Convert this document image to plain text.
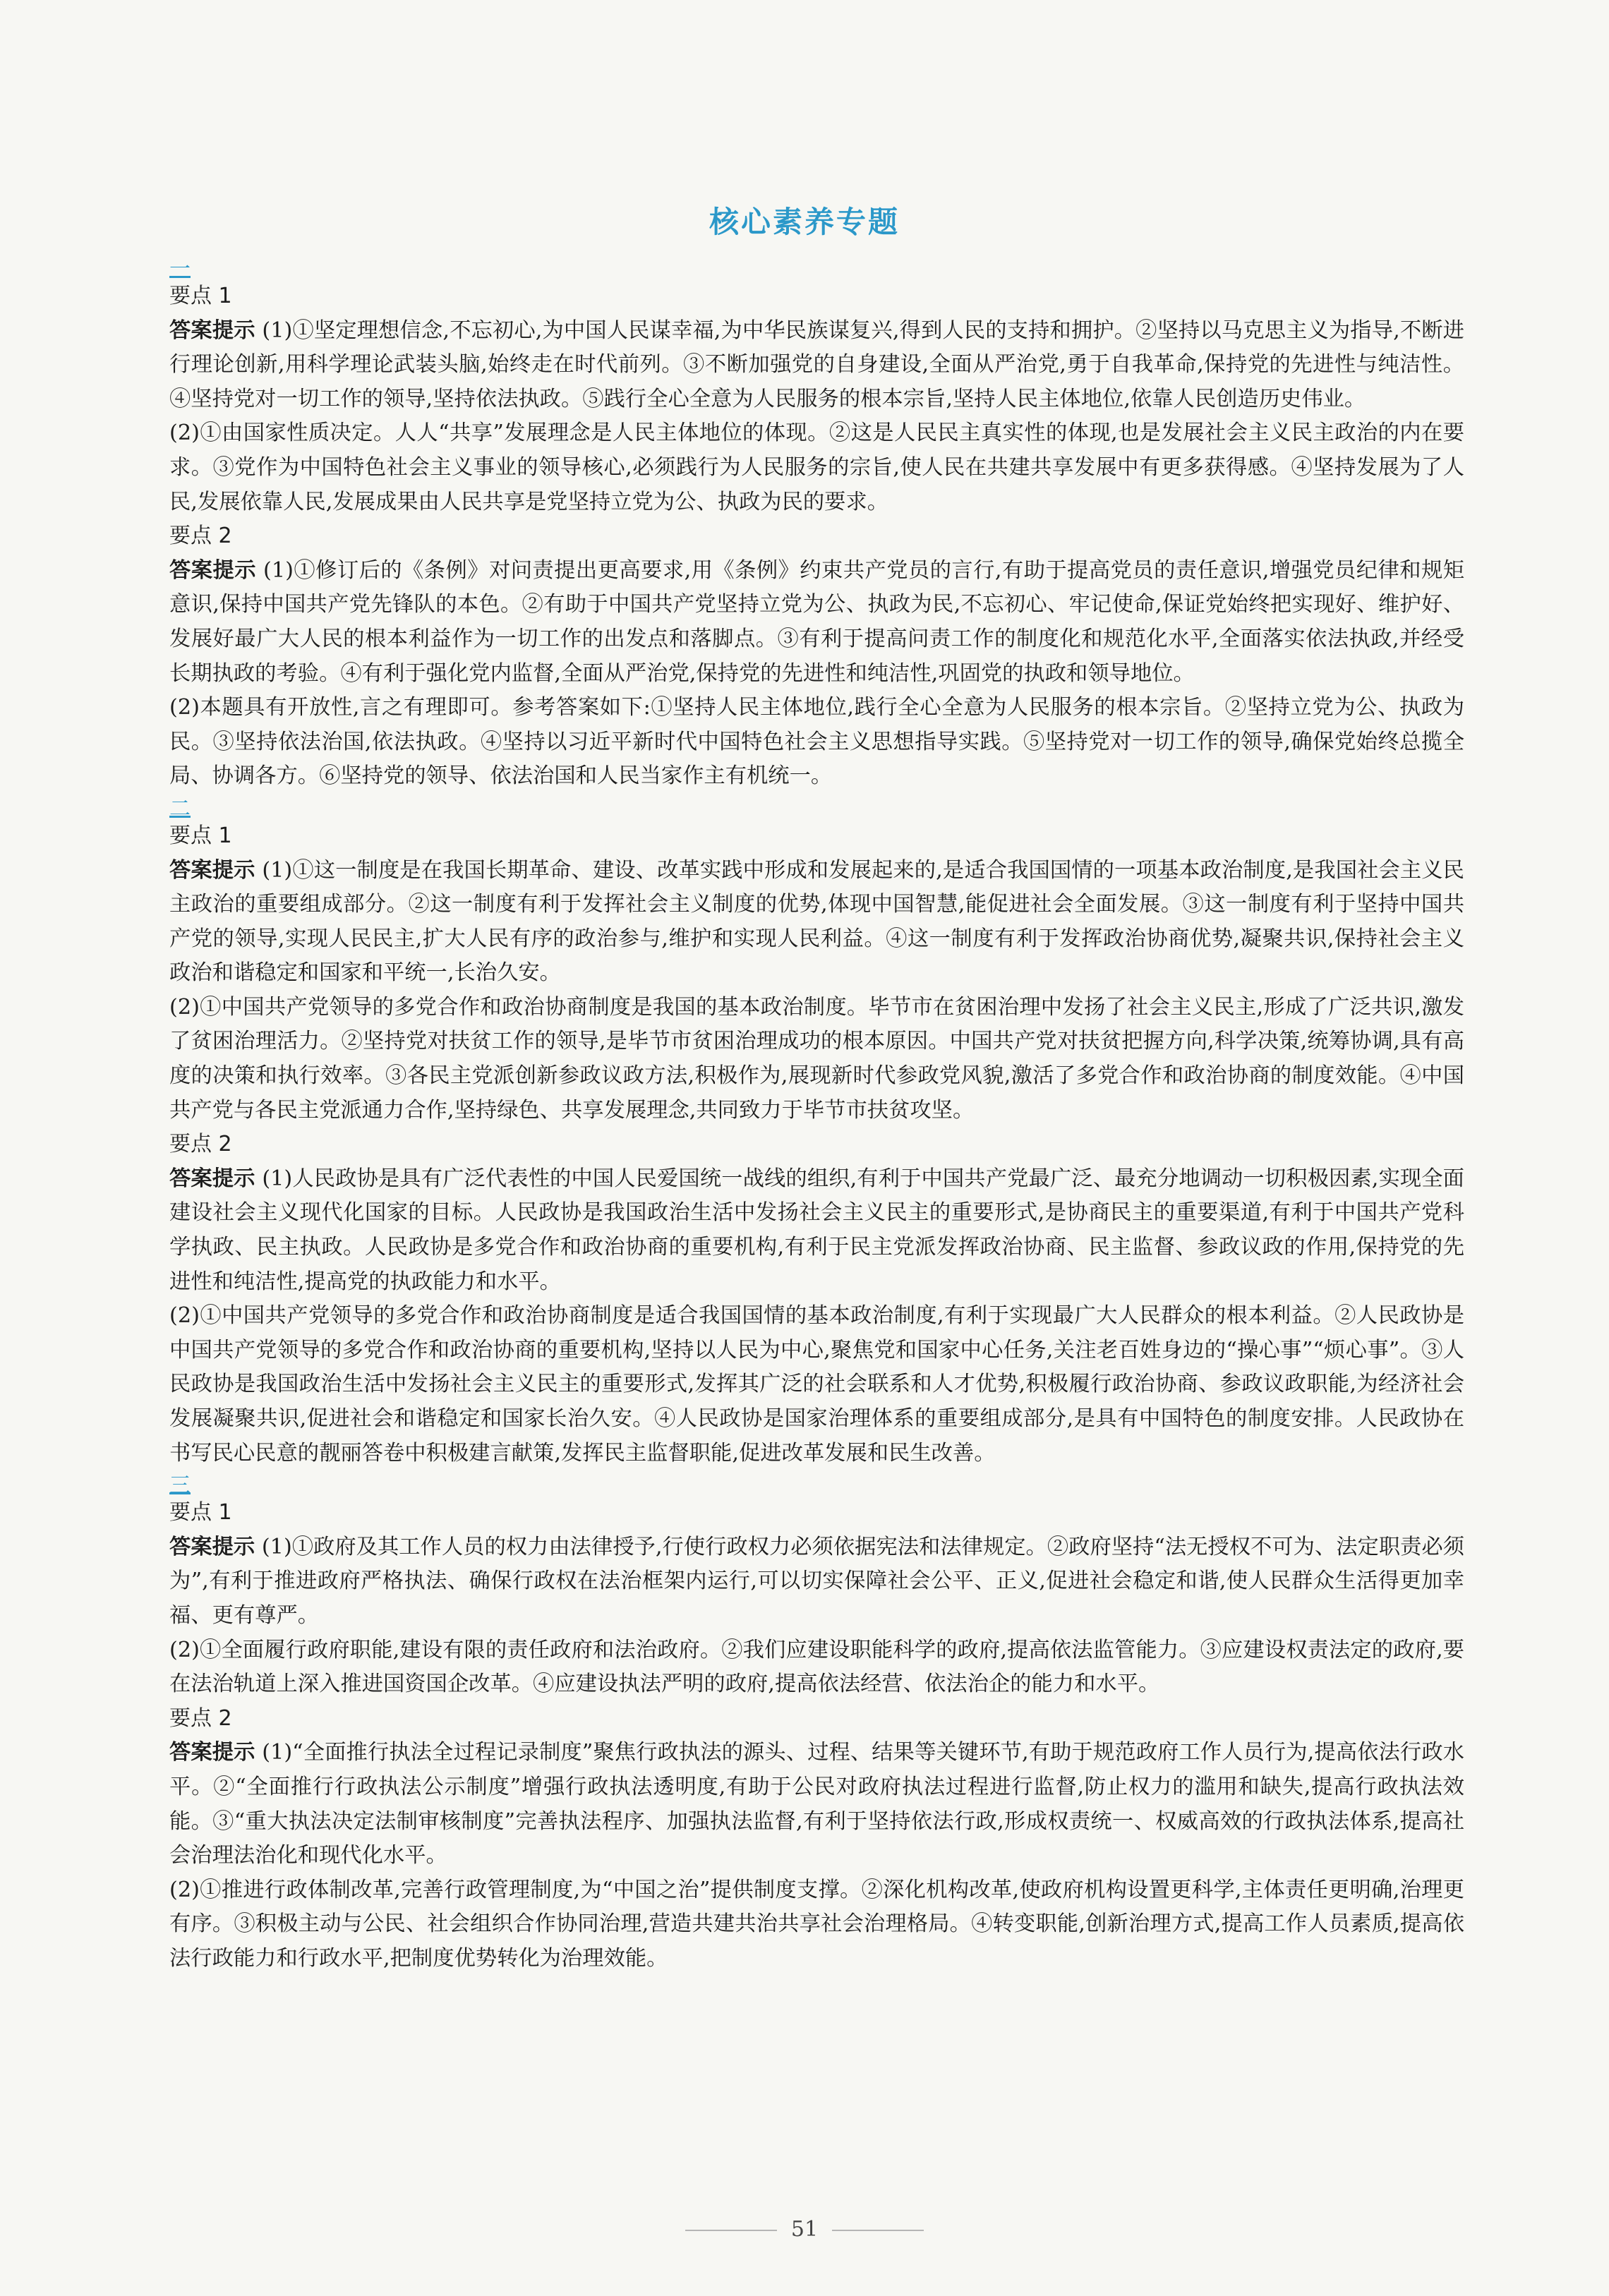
核心素养专题
一

要点 1

答案提示 (1)①坚定理想信念,不忘初心,为中国人民谋幸福,为中华民族谋复兴,得到人民的支持和拥护。②坚持以马克思主义为指导,不断进行理论创新,用科学理论武装头脑,始终走在时代前列。③不断加强党的自身建设,全面从严治党,勇于自我革命,保持党的先进性与纯洁性。④坚持党对一切工作的领导,坚持依法执政。⑤践行全心全意为人民服务的根本宗旨,坚持人民主体地位,依靠人民创造历史伟业。

(2)①由国家性质决定。人人“共享”发展理念是人民主体地位的体现。②这是人民民主真实性的体现,也是发展社会主义民主政治的内在要求。③党作为中国特色社会主义事业的领导核心,必须践行为人民服务的宗旨,使人民在共建共享发展中有更多获得感。④坚持发展为了人民,发展依靠人民,发展成果由人民共享是党坚持立党为公、执政为民的要求。

要点 2

答案提示 (1)①修订后的《条例》对问责提出更高要求,用《条例》约束共产党员的言行,有助于提高党员的责任意识,增强党员纪律和规矩意识,保持中国共产党先锋队的本色。②有助于中国共产党坚持立党为公、执政为民,不忘初心、牢记使命,保证党始终把实现好、维护好、发展好最广大人民的根本利益作为一切工作的出发点和落脚点。③有利于提高问责工作的制度化和规范化水平,全面落实依法执政,并经受长期执政的考验。④有利于强化党内监督,全面从严治党,保持党的先进性和纯洁性,巩固党的执政和领导地位。

(2)本题具有开放性,言之有理即可。参考答案如下:①坚持人民主体地位,践行全心全意为人民服务的根本宗旨。②坚持立党为公、执政为民。③坚持依法治国,依法执政。④坚持以习近平新时代中国特色社会主义思想指导实践。⑤坚持党对一切工作的领导,确保党始终总揽全局、协调各方。⑥坚持党的领导、依法治国和人民当家作主有机统一。

二

要点 1

答案提示 (1)①这一制度是在我国长期革命、建设、改革实践中形成和发展起来的,是适合我国国情的一项基本政治制度,是我国社会主义民主政治的重要组成部分。②这一制度有利于发挥社会主义制度的优势,体现中国智慧,能促进社会全面发展。③这一制度有利于坚持中国共产党的领导,实现人民民主,扩大人民有序的政治参与,维护和实现人民利益。④这一制度有利于发挥政治协商优势,凝聚共识,保持社会主义政治和谐稳定和国家和平统一,长治久安。

(2)①中国共产党领导的多党合作和政治协商制度是我国的基本政治制度。毕节市在贫困治理中发扬了社会主义民主,形成了广泛共识,激发了贫困治理活力。②坚持党对扶贫工作的领导,是毕节市贫困治理成功的根本原因。中国共产党对扶贫把握方向,科学决策,统筹协调,具有高度的决策和执行效率。③各民主党派创新参政议政方法,积极作为,展现新时代参政党风貌,激活了多党合作和政治协商的制度效能。④中国共产党与各民主党派通力合作,坚持绿色、共享发展理念,共同致力于毕节市扶贫攻坚。

要点 2

答案提示 (1)人民政协是具有广泛代表性的中国人民爱国统一战线的组织,有利于中国共产党最广泛、最充分地调动一切积极因素,实现全面建设社会主义现代化国家的目标。人民政协是我国政治生活中发扬社会主义民主的重要形式,是协商民主的重要渠道,有利于中国共产党科学执政、民主执政。人民政协是多党合作和政治协商的重要机构,有利于民主党派发挥政治协商、民主监督、参政议政的作用,保持党的先进性和纯洁性,提高党的执政能力和水平。

(2)①中国共产党领导的多党合作和政治协商制度是适合我国国情的基本政治制度,有利于实现最广大人民群众的根本利益。②人民政协是中国共产党领导的多党合作和政治协商的重要机构,坚持以人民为中心,聚焦党和国家中心任务,关注老百姓身边的“操心事”“烦心事”。③人民政协是我国政治生活中发扬社会主义民主的重要形式,发挥其广泛的社会联系和人才优势,积极履行政治协商、参政议政职能,为经济社会发展凝聚共识,促进社会和谐稳定和国家长治久安。④人民政协是国家治理体系的重要组成部分,是具有中国特色的制度安排。人民政协在书写民心民意的靓丽答卷中积极建言献策,发挥民主监督职能,促进改革发展和民生改善。

三

要点 1

答案提示 (1)①政府及其工作人员的权力由法律授予,行使行政权力必须依据宪法和法律规定。②政府坚持“法无授权不可为、法定职责必须为”,有利于推进政府严格执法、确保行政权在法治框架内运行,可以切实保障社会公平、正义,促进社会稳定和谐,使人民群众生活得更加幸福、更有尊严。

(2)①全面履行政府职能,建设有限的责任政府和法治政府。②我们应建设职能科学的政府,提高依法监管能力。③应建设权责法定的政府,要在法治轨道上深入推进国资国企改革。④应建设执法严明的政府,提高依法经营、依法治企的能力和水平。

要点 2

答案提示 (1)“全面推行执法全过程记录制度”聚焦行政执法的源头、过程、结果等关键环节,有助于规范政府工作人员行为,提高依法行政水平。②“全面推行行政执法公示制度”增强行政执法透明度,有助于公民对政府执法过程进行监督,防止权力的滥用和缺失,提高行政执法效能。③“重大执法决定法制审核制度”完善执法程序、加强执法监督,有利于坚持依法行政,形成权责统一、权威高效的行政执法体系,提高社会治理法治化和现代化水平。

(2)①推进行政体制改革,完善行政管理制度,为“中国之治”提供制度支撑。②深化机构改革,使政府机构设置更科学,主体责任更明确,治理更有序。③积极主动与公民、社会组织合作协同治理,营造共建共治共享社会治理格局。④转变职能,创新治理方式,提高工作人员素质,提高依法行政能力和行政水平,把制度优势转化为治理效能。

51
